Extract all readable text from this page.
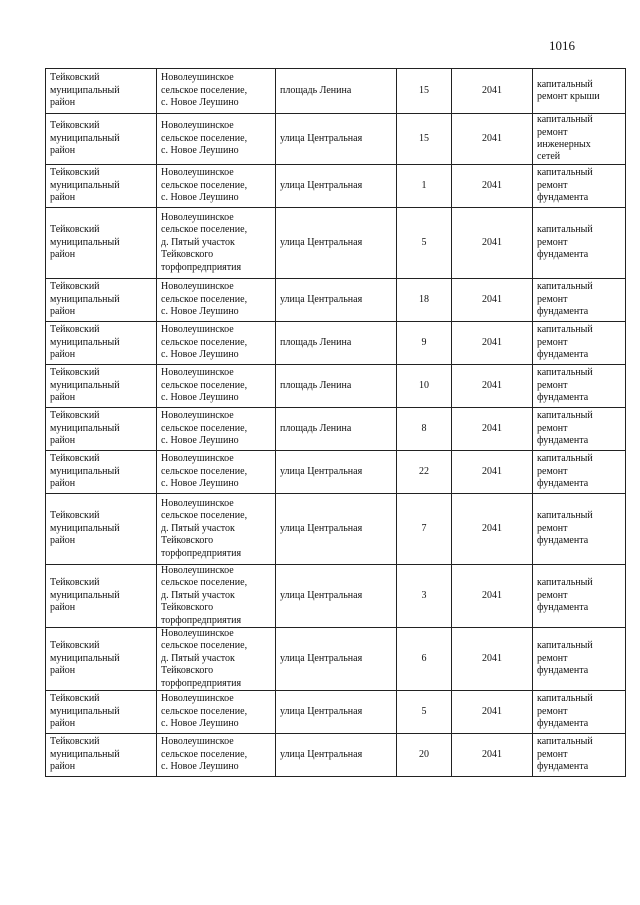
1016
Тейковский
муниципальный
район	Новолеушинское
сельское поселение,
с. Новое Леушино	площадь Ленина	15	2041	капитальный
ремонт крыши
Тейковский
муниципальный
район	Новолеушинское
сельское поселение,
с. Новое Леушино	улица Центральная	15	2041	капитальный
ремонт
инженерных
сетей
Тейковский
муниципальный
район	Новолеушинское
сельское поселение,
с. Новое Леушино	улица Центральная	1	2041	капитальный
ремонт
фундамента
Тейковский
муниципальный
район	Новолеушинское
сельское поселение,
д. Пятый участок
Тейковского
торфопредприятия	улица Центральная	5	2041	капитальный
ремонт
фундамента
Тейковский
муниципальный
район	Новолеушинское
сельское поселение,
с. Новое Леушино	улица Центральная	18	2041	капитальный
ремонт
фундамента
Тейковский
муниципальный
район	Новолеушинское
сельское поселение,
с. Новое Леушино	площадь Ленина	9	2041	капитальный
ремонт
фундамента
Тейковский
муниципальный
район	Новолеушинское
сельское поселение,
с. Новое Леушино	площадь Ленина	10	2041	капитальный
ремонт
фундамента
Тейковский
муниципальный
район	Новолеушинское
сельское поселение,
с. Новое Леушино	площадь Ленина	8	2041	капитальный
ремонт
фундамента
Тейковский
муниципальный
район	Новолеушинское
сельское поселение,
с. Новое Леушино	улица Центральная	22	2041	капитальный
ремонт
фундамента
Тейковский
муниципальный
район	Новолеушинское
сельское поселение,
д. Пятый участок
Тейковского
торфопредприятия	улица Центральная	7	2041	капитальный
ремонт
фундамента
Тейковский
муниципальный
район	Новолеушинское
сельское поселение,
д. Пятый участок
Тейковского
торфопредприятия	улица Центральная	3	2041	капитальный
ремонт
фундамента
Тейковский
муниципальный
район	Новолеушинское
сельское поселение,
д. Пятый участок
Тейковского
торфопредприятия	улица Центральная	6	2041	капитальный
ремонт
фундамента
Тейковский
муниципальный
район	Новолеушинское
сельское поселение,
с. Новое Леушино	улица Центральная	5	2041	капитальный
ремонт
фундамента
Тейковский
муниципальный
район	Новолеушинское
сельское поселение,
с. Новое Леушино	улица Центральная	20	2041	капитальный
ремонт
фундамента
